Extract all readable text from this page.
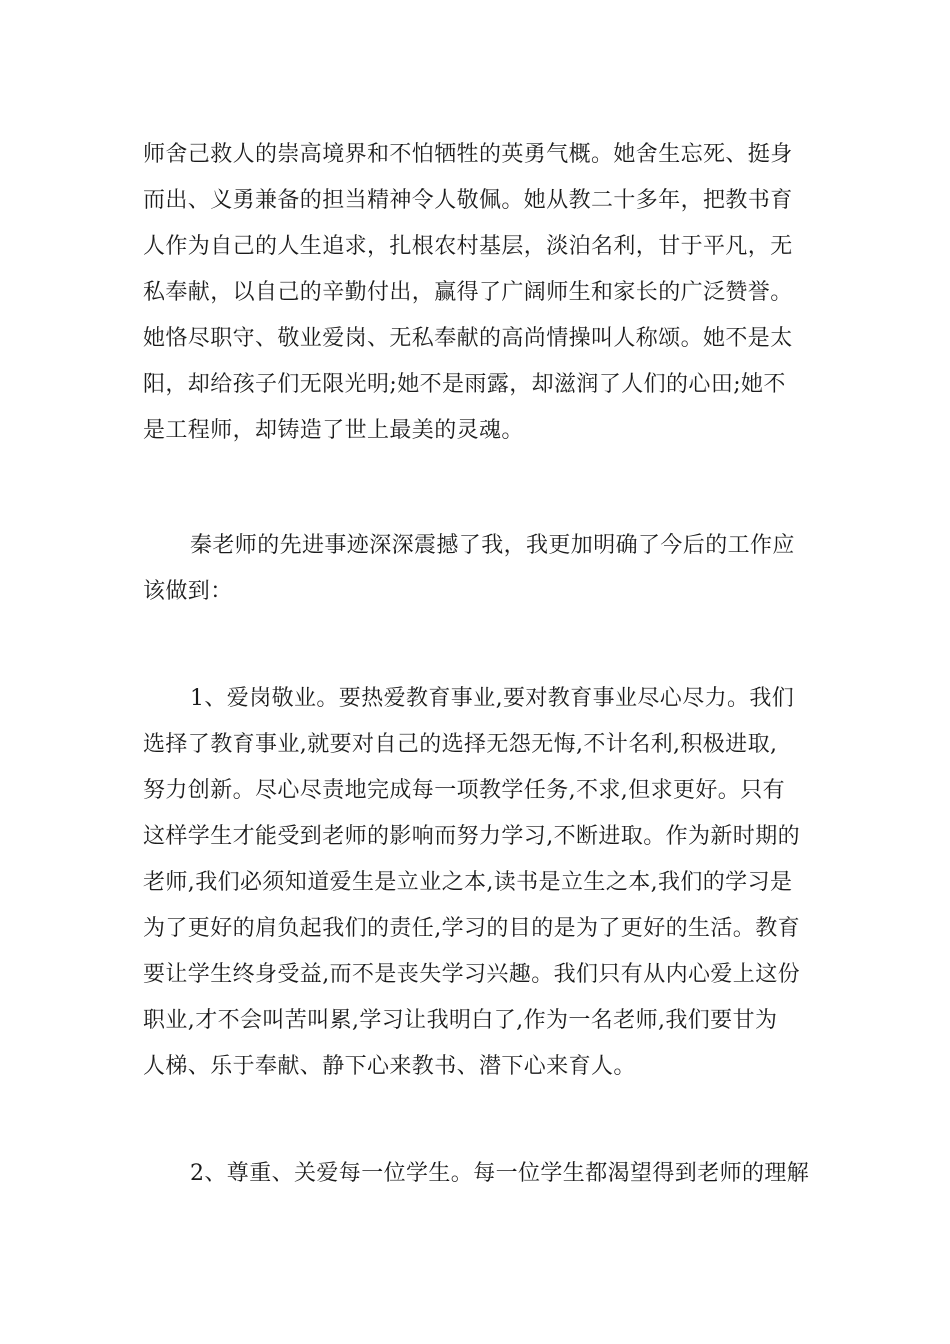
师舍己救人的崇高境界和不怕牺牲的英勇气概。她舍生忘死、挺身
而出、义勇兼备的担当精神令人敬佩。她从教二十多年，把教书育
人作为自己的人生追求，扎根农村基层，淡泊名利，甘于平凡，无
私奉献，以自己的辛勤付出，赢得了广阔师生和家长的广泛赞誉。
她恪尽职守、敬业爱岗、无私奉献的高尚情操叫人称颂。她不是太
阳，却给孩子们无限光明;她不是雨露，却滋润了人们的心田;她不
是工程师，却铸造了世上最美的灵魂。
秦老师的先进事迹深深震撼了我，我更加明确了今后的工作应
该做到：
1、爱岗敬业。要热爱教育事业,要对教育事业尽心尽力。我们
选择了教育事业,就要对自己的选择无怨无悔,不计名利,积极进取,
努力创新。尽心尽责地完成每一项教学任务,不求,但求更好。只有
这样学生才能受到老师的影响而努力学习,不断进取。作为新时期的
老师,我们必须知道爱生是立业之本,读书是立生之本,我们的学习是
为了更好的肩负起我们的责任,学习的目的是为了更好的生活。教育
要让学生终身受益,而不是丧失学习兴趣。我们只有从内心爱上这份
职业,才不会叫苦叫累,学习让我明白了,作为一名老师,我们要甘为
人梯、乐于奉献、静下心来教书、潜下心来育人。
2、尊重、关爱每一位学生。每一位学生都渴望得到老师的理解
